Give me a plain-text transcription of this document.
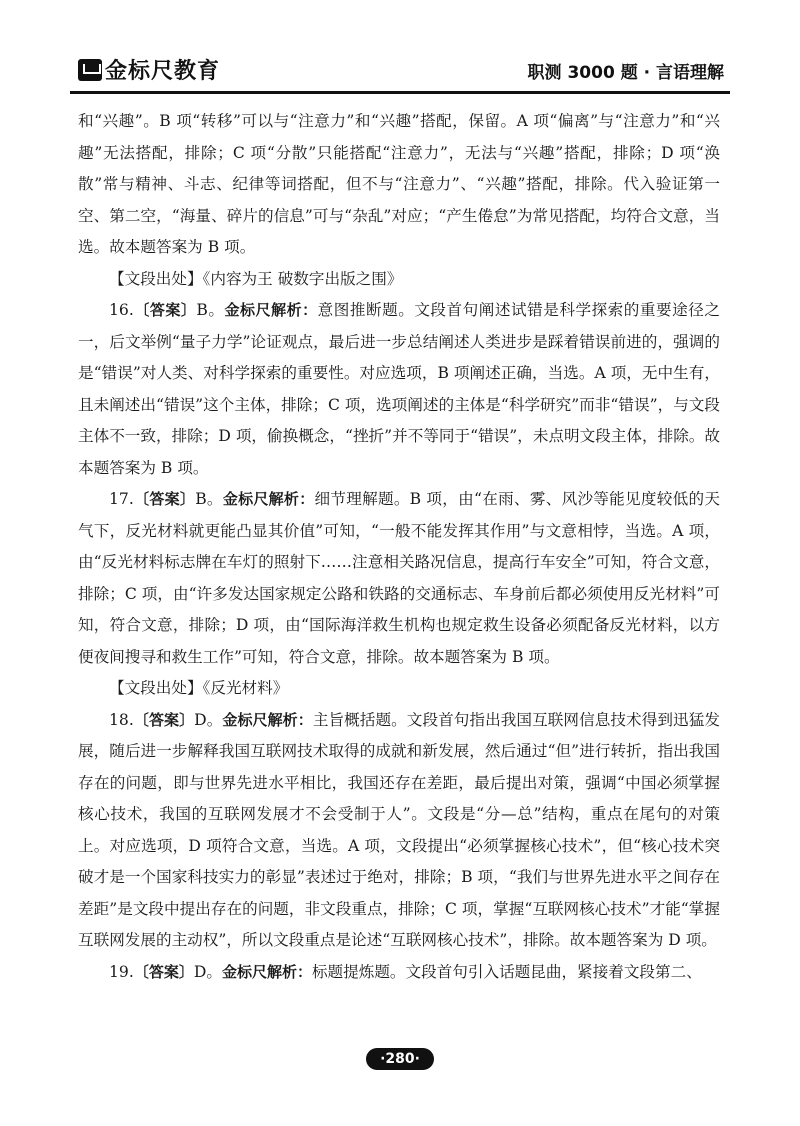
金标尺教育	职测 3000 题 · 言语理解

和“兴趣”。B 项“转移”可以与“注意力”和“兴趣”搭配，保留。A 项“偏离”与“注意力”和“兴趣”无法搭配，排除；C 项“分散”只能搭配“注意力”，无法与“兴趣”搭配，排除；D 项“涣散”常与精神、斗志、纪律等词搭配，但不与“注意力”、“兴趣”搭配，排除。代入验证第一空、第二空，“海量、碎片的信息”可与“杂乱”对应；“产生倦怠”为常见搭配，均符合文意，当选。故本题答案为 B 项。

【文段出处】《内容为王 破数字出版之围》

16.〔答案〕B。金标尺解析：意图推断题。文段首句阐述试错是科学探索的重要途径之一，后文举例“量子力学”论证观点，最后进一步总结阐述人类进步是踩着错误前进的，强调的是“错误”对人类、对科学探索的重要性。对应选项，B 项阐述正确，当选。A 项，无中生有，且未阐述出“错误”这个主体，排除；C 项，选项阐述的主体是“科学研究”而非“错误”，与文段主体不一致，排除；D 项，偷换概念，“挫折”并不等同于“错误”，未点明文段主体，排除。故本题答案为 B 项。

17.〔答案〕B。金标尺解析：细节理解题。B 项，由“在雨、雾、风沙等能见度较低的天气下，反光材料就更能凸显其价值”可知，“一般不能发挥其作用”与文意相悖，当选。A 项，由“反光材料标志牌在车灯的照射下……注意相关路况信息，提高行车安全”可知，符合文意，排除；C 项，由“许多发达国家规定公路和铁路的交通标志、车身前后都必须使用反光材料”可知，符合文意，排除；D 项，由“国际海洋救生机构也规定救生设备必须配备反光材料，以方便夜间搜寻和救生工作”可知，符合文意，排除。故本题答案为 B 项。

【文段出处】《反光材料》

18.〔答案〕D。金标尺解析：主旨概括题。文段首句指出我国互联网信息技术得到迅猛发展，随后进一步解释我国互联网技术取得的成就和新发展，然后通过“但”进行转折，指出我国存在的问题，即与世界先进水平相比，我国还存在差距，最后提出对策，强调“中国必须掌握核心技术，我国的互联网发展才不会受制于人”。文段是“分—总”结构，重点在尾句的对策上。对应选项，D 项符合文意，当选。A 项，文段提出“必须掌握核心技术”，但“核心技术突破才是一个国家科技实力的彰显”表述过于绝对，排除；B 项，“我们与世界先进水平之间存在差距”是文段中提出存在的问题，非文段重点，排除；C 项，掌握“互联网核心技术”才能“掌握互联网发展的主动权”，所以文段重点是论述“互联网核心技术”，排除。故本题答案为 D 项。

19.〔答案〕D。金标尺解析：标题提炼题。文段首句引入话题昆曲，紧接着文段第二、

·280·
